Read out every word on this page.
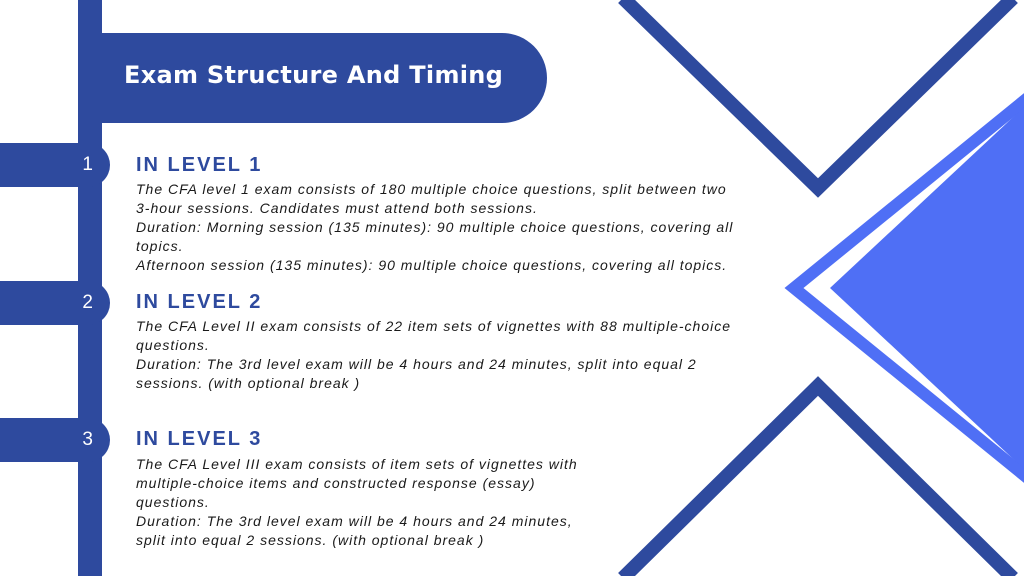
Exam Structure And Timing
1 IN LEVEL 1
The CFA level 1 exam consists of 180 multiple choice questions, split between two
3-hour sessions. Candidates must attend both sessions.
Duration: Morning session (135 minutes): 90 multiple choice questions, covering all
topics.
Afternoon session (135 minutes): 90 multiple choice questions, covering all topics.
2 IN LEVEL 2
The CFA Level II exam consists of 22 item sets of vignettes with 88 multiple-choice
questions.
Duration: The 3rd level exam will be 4 hours and 24 minutes, split into equal 2
sessions. (with optional break )
3 IN LEVEL 3
The CFA Level III exam consists of item sets of vignettes with
multiple-choice items and constructed response (essay)
questions.
Duration: The 3rd level exam will be 4 hours and 24 minutes,
split into equal 2 sessions. (with optional break )
